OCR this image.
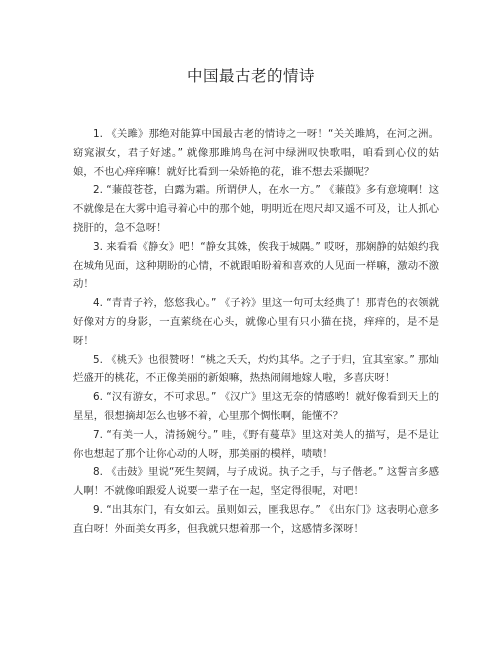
中国最古老的情诗

1. 《关雎》那绝对能算中国最古老的情诗之一呀！“关关雎鸠，在河之洲。窈窕淑女，君子好逑。” 就像那雎鸠鸟在河中绿洲叹快歌唱，咱看到心仪的姑娘，不也心痒痒嘛！就好比看到一朵娇艳的花，谁不想去采撷呢？

2. “蒹葭苍苍，白露为霜。所谓伊人，在水一方。” 《蒹葭》多有意境啊！这不就像是在大雾中追寻着心中的那个她，明明近在咫尺却又遥不可及，让人抓心挠肝的，急不急呀！

3. 来看看《静女》吧！“静女其姝，俟我于城隅。” 哎呀，那娴静的姑娘约我在城角见面，这种期盼的心情，不就跟咱盼着和喜欢的人见面一样嘛，激动不激动！

4. “青青子衿，悠悠我心。” 《子衿》里这一句可太经典了！那青色的衣领就好像对方的身影，一直萦绕在心头，就像心里有只小猫在挠，痒痒的，是不是呀！

5. 《桃夭》也很赞呀！“桃之夭夭，灼灼其华。之子于归，宜其室家。” 那灿烂盛开的桃花，不正像美丽的新娘嘛，热热闹闹地嫁人啦，多喜庆呀！

6. “汉有游女，不可求思。” 《汉广》里这无奈的情感哟！就好像看到天上的星星，很想摘却怎么也够不着，心里那个惆怅啊，能懂不？

7. “有美一人，清扬婉兮。” 哇，《野有蔓草》里这对美人的描写，是不是让你也想起了那个让你心动的人呀，那美丽的模样，啧啧！

8. 《击鼓》里说“死生契阔，与子成说。执子之手，与子偕老。” 这誓言多感人啊！不就像咱跟爱人说要一辈子在一起，坚定得很呢，对吧！

9. “出其东门，有女如云。虽则如云，匪我思存。” 《出东门》这表明心意多直白呀！外面美女再多，但我就只想着那一个，这感情多深呀！
